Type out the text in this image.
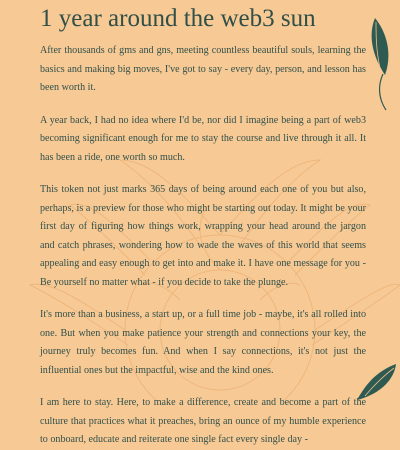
1 year around the web3 sun

After thousands of gms and gns, meeting countless beautiful souls, learning the basics and making big moves, I've got to say - every day, person, and lesson has been worth it.

A year back, I had no idea where I'd be, nor did I imagine being a part of web3 becoming significant enough for me to stay the course and live through it all. It has been a ride, one worth so much.

This token not just marks 365 days of being around each one of you but also, perhaps, is a preview for those who might be starting out today. It might be your first day of figuring how things work, wrapping your head around the jargon and catch phrases, wondering how to wade the waves of this world that seems appealing and easy enough to get into and make it. I have one message for you - Be yourself no matter what - if you decide to take the plunge.

It's more than a business, a start up, or a full time job - maybe, it's all rolled into one. But when you make patience your strength and connections your key, the journey truly becomes fun. And when I say connections, it's not just the influential ones but the impactful, wise and the kind ones.

I am here to stay. Here, to make a difference, create and become a part of the culture that practices what it preaches, bring an ounce of my humble experience to onboard, educate and reiterate one single fact every single day -
